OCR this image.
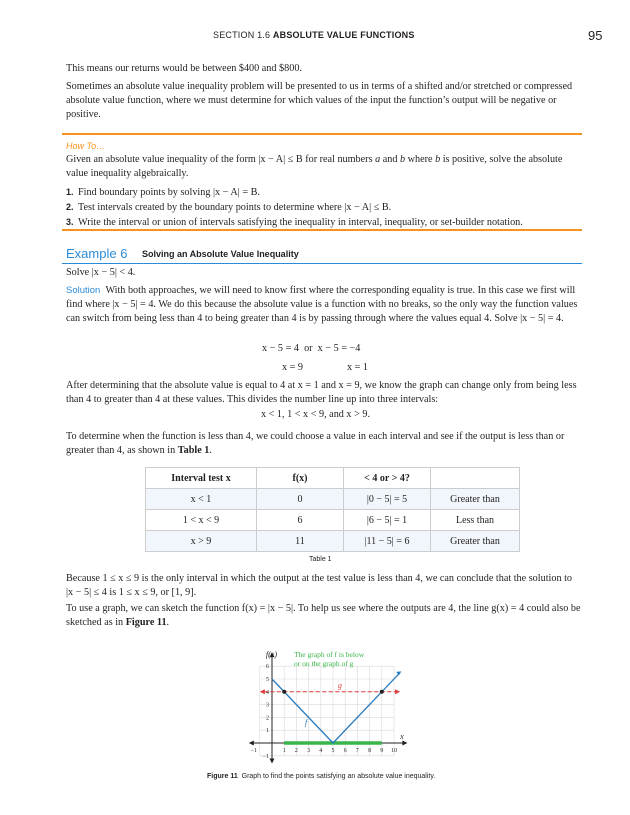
SECTION 1.6 ABSOLUTE VALUE FUNCTIONS	95
This means our returns would be between $400 and $800.
Sometimes an absolute value inequality problem will be presented to us in terms of a shifted and/or stretched or compressed absolute value function, where we must determine for which values of the input the function’s output will be negative or positive.
How To…
Given an absolute value inequality of the form |x − A| ≤ B for real numbers a and b where b is positive, solve the absolute value inequality algebraically.
1. Find boundary points by solving |x − A| = B.
2. Test intervals created by the boundary points to determine where |x − A| ≤ B.
3. Write the interval or union of intervals satisfying the inequality in interval, inequality, or set-builder notation.
Example 6 Solving an Absolute Value Inequality
Solve |x − 5| < 4.
Solution With both approaches, we will need to know first where the corresponding equality is true. In this case we first will find where |x − 5| = 4. We do this because the absolute value is a function with no breaks, so the only way the function values can switch from being less than 4 to being greater than 4 is by passing through where the values equal 4. Solve |x − 5| = 4.
x − 5 = 4 or x − 5 = −4
x = 9	x = 1
After determining that the absolute value is equal to 4 at x = 1 and x = 9, we know the graph can change only from being less than 4 to greater than 4 at these values. This divides the number line up into three intervals:
x < 1, 1 < x < 9, and x > 9.
To determine when the function is less than 4, we could choose a value in each interval and see if the output is less than or greater than 4, as shown in Table 1.
Interval test x	f(x)	< 4 or > 4?	
x < 1	0	|0 − 5| = 5	Greater than
1 < x < 9	6	|6 − 5| = 1	Less than
x > 9	11	|11 − 5| = 6	Greater than
Table 1
Because 1 ≤ x ≤ 9 is the only interval in which the output at the test value is less than 4, we can conclude that the solution to |x − 5| ≤ 4 is 1 ≤ x ≤ 9, or [1, 9].
To use a graph, we can sketch the function f(x) = |x − 5|. To help us see where the outputs are 4, the line g(x) = 4 could also be sketched as in Figure 11.
−1	1 2 3 4 5 6 7 8 9 10
6
5
4
3
2
1
−1
f(x)
x
The graph of f is below
or on the graph of g
g
f
Figure 11 Graph to find the points satisfying an absolute value inequality.
